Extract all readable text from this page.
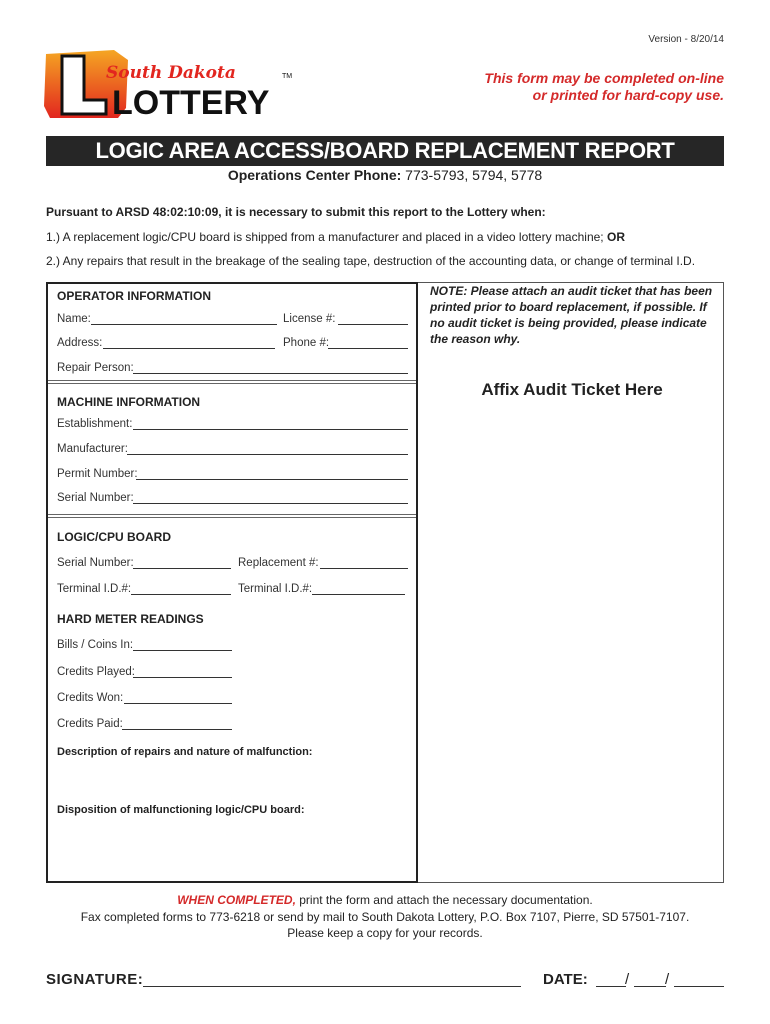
Version - 8/20/14
South Dakota
LOTTERY
TM	This form may be completed on-line
or printed for hard-copy use.
LOGIC AREA ACCESS/BOARD REPLACEMENT REPORT
Operations Center Phone: 773-5793, 5794, 5778
Pursuant to ARSD 48:02:10:09, it is necessary to submit this report to the Lottery when:
1.) A replacement logic/CPU board is shipped from a manufacturer and placed in a video lottery machine; OR
2.) Any repairs that result in the breakage of the sealing tape, destruction of the accounting data, or change of terminal I.D.
OPERATOR INFORMATION
Name:	License #:
Address:	Phone #:
Repair Person:
MACHINE INFORMATION
Establishment:
Manufacturer:
Permit Number:
Serial Number:
LOGIC/CPU BOARD
Serial Number:	Replacement #:
Terminal I.D.#:	Terminal I.D.#:
HARD METER READINGS
Bills / Coins In:
Credits Played:
Credits Won:
Credits Paid:
Description of repairs and nature of malfunction:
Disposition of malfunctioning logic/CPU board:
NOTE: Please attach an audit ticket that has been printed prior to board replacement, if possible. If no audit ticket is being provided, please indicate the reason why.
Affix Audit Ticket Here
WHEN COMPLETED, print the form and attach the necessary documentation.
Fax completed forms to 773-6218 or send by mail to South Dakota Lottery, P.O. Box 7107, Pierre, SD 57501-7107.
Please keep a copy for your records.
SIGNATURE:	DATE: / /
